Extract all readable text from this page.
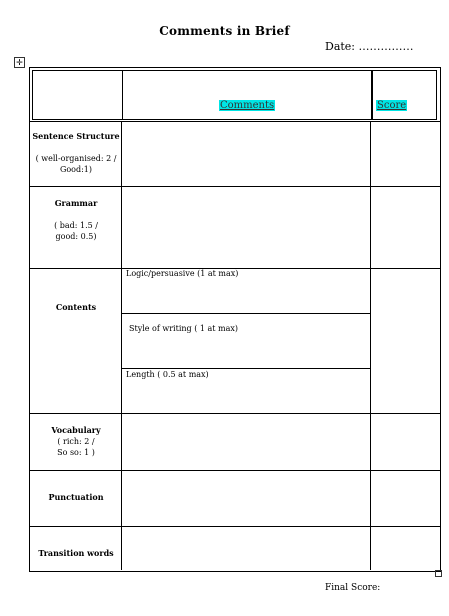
Comments in Brief
Date: ……………
✛
Comments	Score
Sentence Structure
( well-organised: 2 / Good:1)
Grammar
( bad: 1.5 / good: 0.5)
Contents
Logic/persuasive (1 at max)
Style of writing ( 1 at max)
Length ( 0.5 at max)
Vocabulary
( rich: 2 /
So so: 1 )
Punctuation
Transition words
Final Score:
